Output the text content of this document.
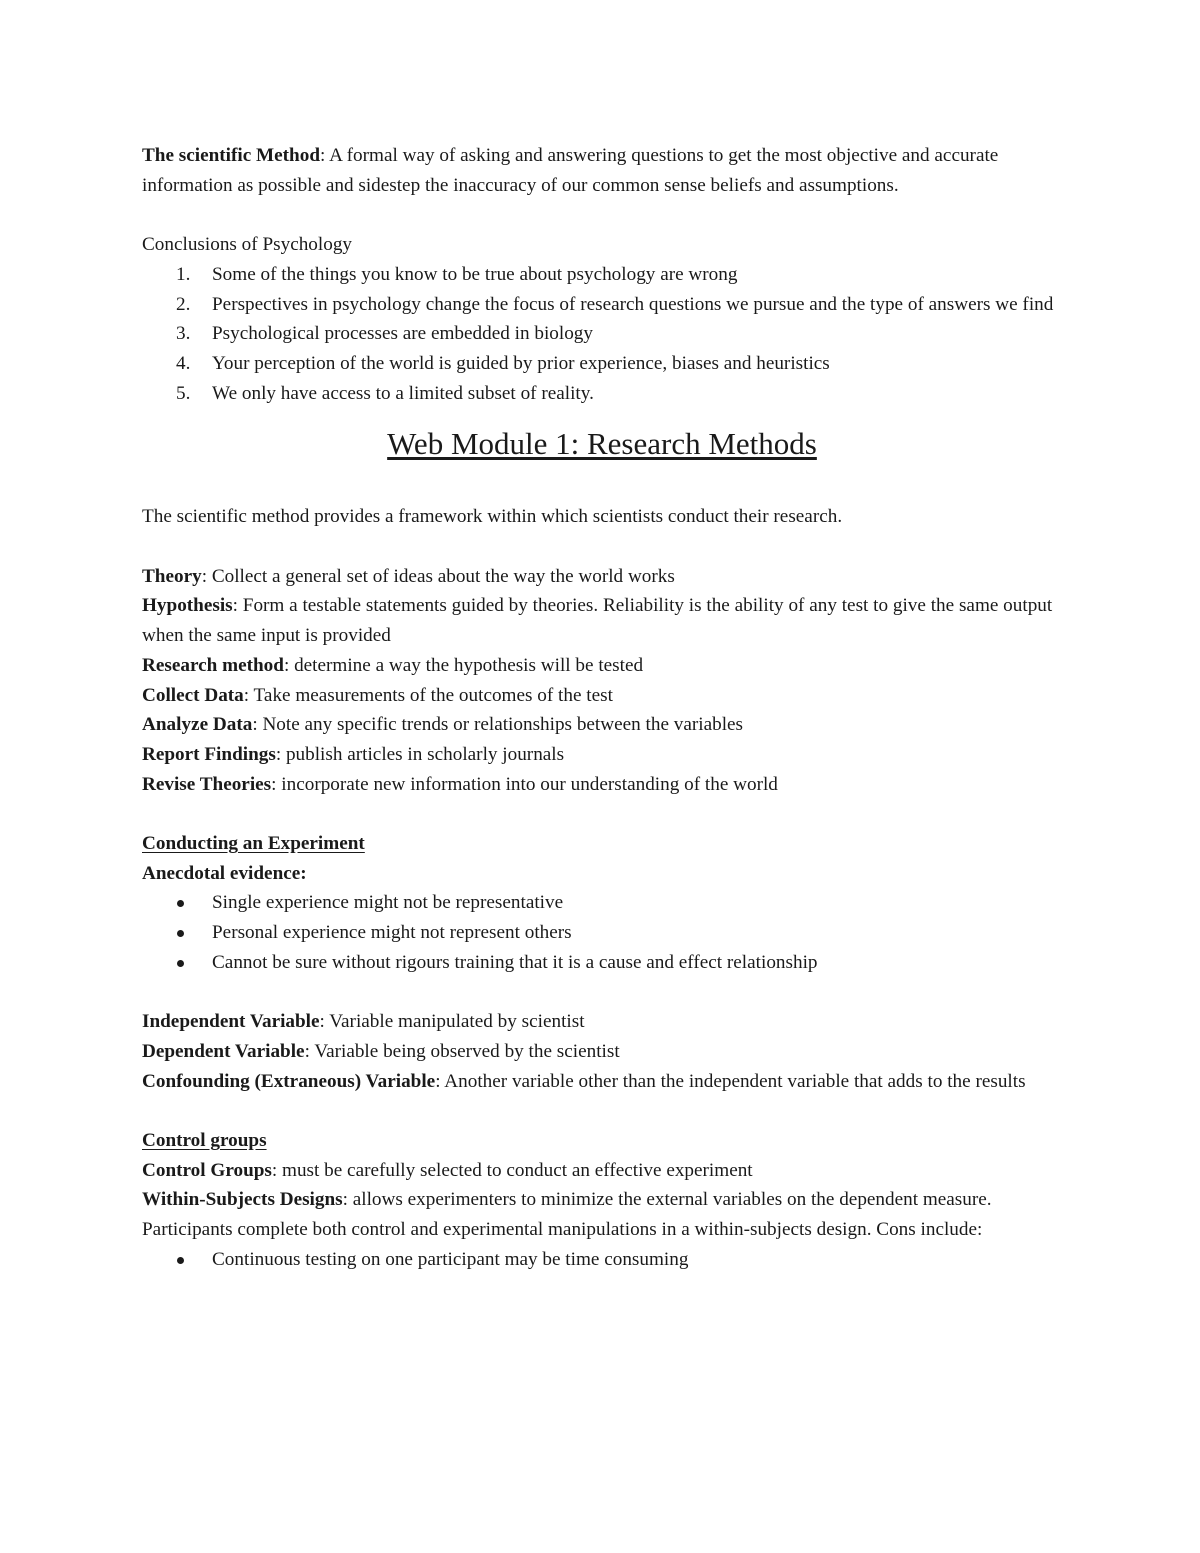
The scientific Method: A formal way of asking and answering questions to get the most objective and accurate information as possible and sidestep the inaccuracy of our common sense beliefs and assumptions.

Conclusions of Psychology

1. Some of the things you know to be true about psychology are wrong
2. Perspectives in psychology change the focus of research questions we pursue and the type of answers we find
3. Psychological processes are embedded in biology
4. Your perception of the world is guided by prior experience, biases and heuristics
5. We only have access to a limited subset of reality.
Web Module 1: Research Methods

The scientific method provides a framework within which scientists conduct their research.

Theory: Collect a general set of ideas about the way the world works

Hypothesis: Form a testable statements guided by theories. Reliability is the ability of any test to give the same output when the same input is provided

Research method: determine a way the hypothesis will be tested

Collect Data: Take measurements of the outcomes of the test

Analyze Data: Note any specific trends or relationships between the variables

Report Findings: publish articles in scholarly journals

Revise Theories: incorporate new information into our understanding of the world

Conducting an Experiment

Anecdotal evidence:

Single experience might not be representative
Personal experience might not represent others
Cannot be sure without rigours training that it is a cause and effect relationship

Independent Variable: Variable manipulated by scientist

Dependent Variable: Variable being observed by the scientist

Confounding (Extraneous) Variable: Another variable other than the independent variable that adds to the results

Control groups

Control Groups: must be carefully selected to conduct an effective experiment

Within-Subjects Designs: allows experimenters to minimize the external variables on the dependent measure. Participants complete both control and experimental manipulations in a within-subjects design. Cons include:

Continuous testing on one participant may be time consuming
